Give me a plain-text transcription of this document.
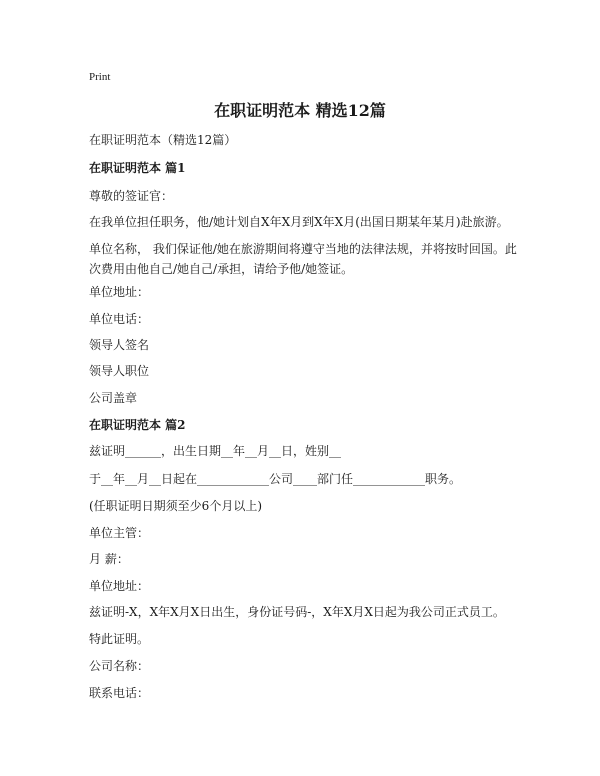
Print
在职证明范本 精选12篇
在职证明范本（精选12篇）
在职证明范本 篇1
尊敬的签证官：
在我单位担任职务，他/她计划自X年X月到X年X月(出国日期某年某月)赴旅游。
单位名称， 我们保证他/她在旅游期间将遵守当地的法律法规，并将按时回国。此次费用由他自己/她自己/承担，请给予他/她签证。
单位地址：
单位电话：
领导人签名
领导人职位
公司盖章
在职证明范本 篇2
兹证明______，出生日期__年__月__日，姓别__
于__年__月__日起在____________公司____部门任____________职务。
(任职证明日期须至少6个月以上)
单位主管：
月 薪：
单位地址：
兹证明-X，X年X月X日出生，身份证号码-，X年X月X日起为我公司正式员工。
特此证明。
公司名称：
联系电话：
